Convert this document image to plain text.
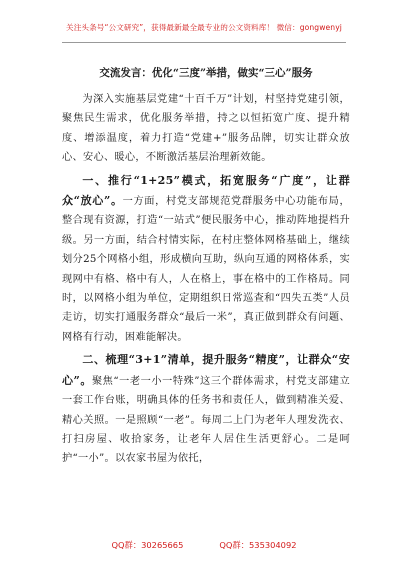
关注头条号“公文研究”，获得最新最全最专业的公文资料库！ 微信：gongwenyj

交流发言：优化“三度”举措，做实“三心”服务

为深入实施基层党建“十百千万”计划，村坚持党建引领，聚焦民生需求，优化服务举措，持之以恒拓宽广度、提升精度、增添温度，着力打造“党建+”服务品牌，切实让群众放心、安心、暖心，不断激活基层治理新效能。

一、推行“1+25”模式，拓宽服务“广度”，让群众“放心”。一方面，村党支部规范党群服务中心功能布局，整合现有资源，打造“一站式”便民服务中心，推动阵地提档升级。另一方面，结合村情实际，在村庄整体网格基础上，继续划分25个网格小组，形成横向互助，纵向互通的网格体系，实现网中有格、格中有人，人在格上，事在格中的工作格局。同时，以网格小组为单位，定期组织日常巡查和“四失五类”人员走访，切实打通服务群众“最后一米”，真正做到群众有问题、网格有行动，困难能解决。

二、梳理“3+1”清单，提升服务“精度”，让群众“安心”。聚焦“一老一小一特殊”这三个群体需求，村党支部建立一套工作台账，明确具体的任务书和责任人，做到精准关爱、精心关照。一是照顾“一老”。每周二上门为老年人理发洗衣、打扫房屋、收拾家务，让老年人居住生活更舒心。二是呵护“一小”。以农家书屋为依托，

QQ群：30265665	QQ群：535304092
